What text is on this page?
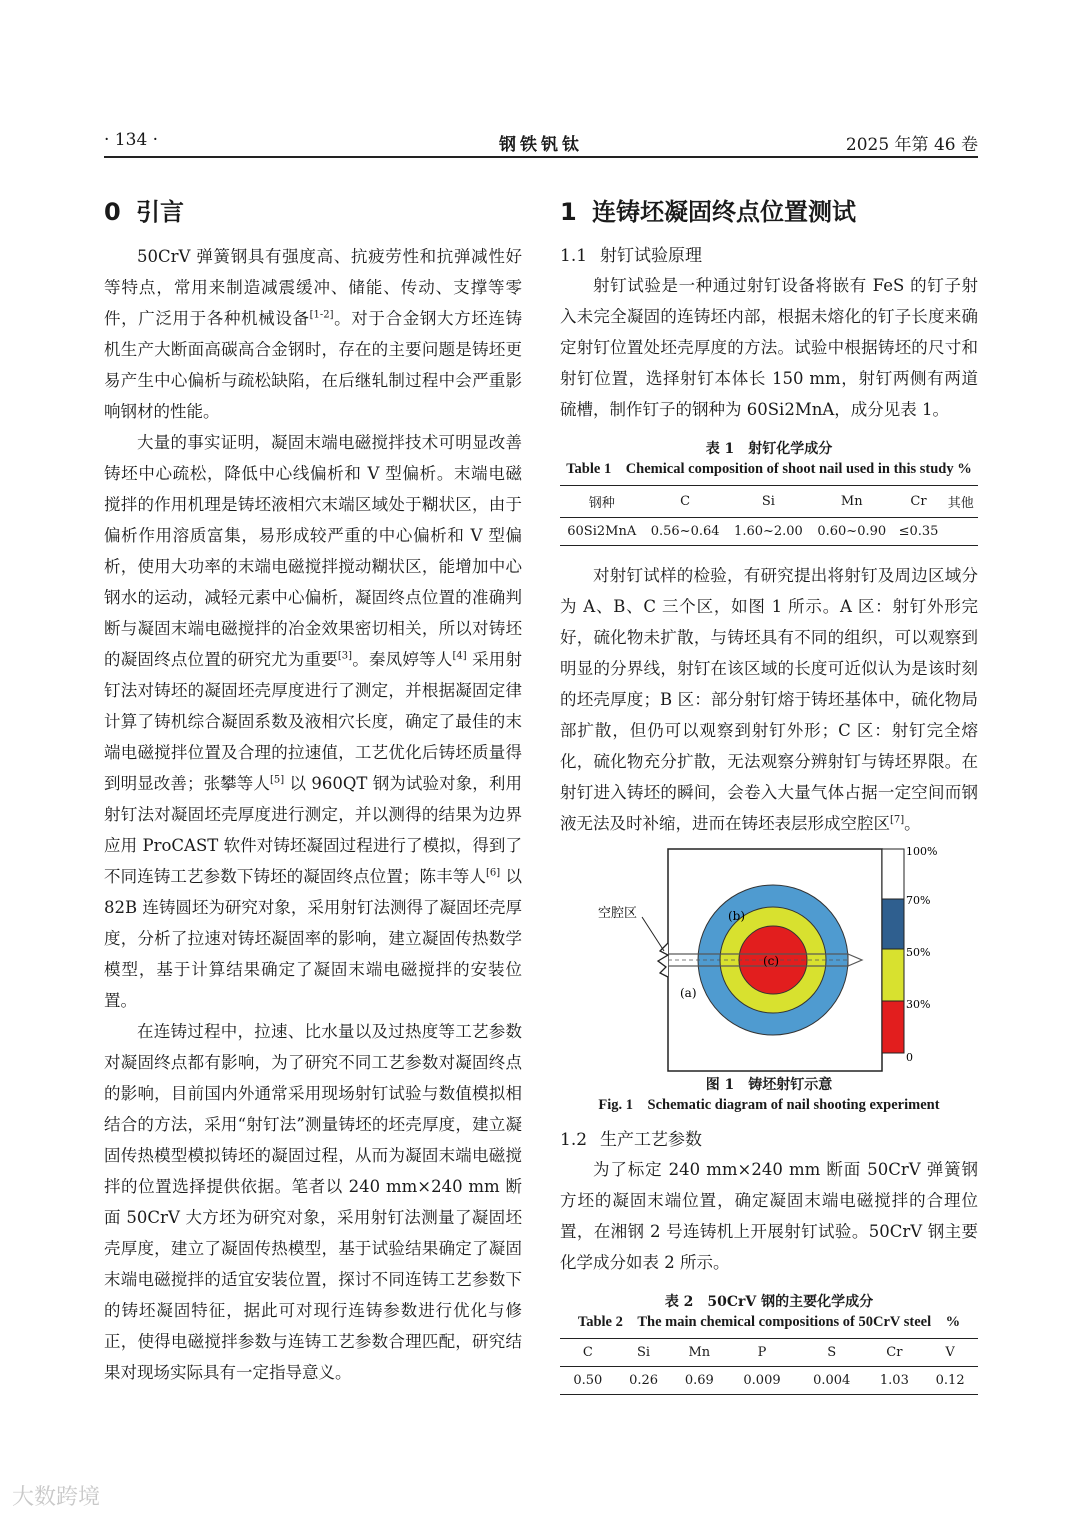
· 134 ·	钢铁钒钛	2025 年第 46 卷
0 引言

50CrV 弹簧钢具有强度高、抗疲劳性和抗弹减性好等特点，常用来制造减震缓冲、储能、传动、支撑等零件，广泛用于各种机械设备[1-2]。对于合金钢大方坯连铸机生产大断面高碳高合金钢时，存在的主要问题是铸坯更易产生中心偏析与疏松缺陷，在后继轧制过程中会严重影响钢材的性能。

大量的事实证明，凝固末端电磁搅拌技术可明显改善铸坯中心疏松，降低中心线偏析和 V 型偏析。末端电磁搅拌的作用机理是铸坯液相穴末端区域处于糊状区，由于偏析作用溶质富集，易形成较严重的中心偏析和 V 型偏析，使用大功率的末端电磁搅拌搅动糊状区，能增加中心钢水的运动，减轻元素中心偏析，凝固终点位置的准确判断与凝固末端电磁搅拌的冶金效果密切相关，所以对铸坯的凝固终点位置的研究尤为重要[3]。秦凤婷等人[4] 采用射钉法对铸坯的凝固坯壳厚度进行了测定，并根据凝固定律计算了铸机综合凝固系数及液相穴长度，确定了最佳的末端电磁搅拌位置及合理的拉速值，工艺优化后铸坯质量得到明显改善；张攀等人[5] 以 960QT 钢为试验对象，利用射钉法对凝固坯壳厚度进行测定，并以测得的结果为边界应用 ProCAST 软件对铸坯凝固过程进行了模拟，得到了不同连铸工艺参数下铸坯的凝固终点位置；陈丰等人[6] 以 82B 连铸圆坯为研究对象，采用射钉法测得了凝固坯壳厚度，分析了拉速对铸坯凝固率的影响，建立凝固传热数学模型，基于计算结果确定了凝固末端电磁搅拌的安装位置。

在连铸过程中，拉速、比水量以及过热度等工艺参数对凝固终点都有影响，为了研究不同工艺参数对凝固终点的影响，目前国内外通常采用现场射钉试验与数值模拟相结合的方法，采用“射钉法”测量铸坯的坯壳厚度，建立凝固传热模型模拟铸坯的凝固过程，从而为凝固末端电磁搅拌的位置选择提供依据。笔者以 240 mm×240 mm 断面 50CrV 大方坯为研究对象，采用射钉法测量了凝固坯壳厚度，建立了凝固传热模型，基于试验结果确定了凝固末端电磁搅拌的适宜安装位置，探讨不同连铸工艺参数下的铸坯凝固特征，据此可对现行连铸参数进行优化与修正，使得电磁搅拌参数与连铸工艺参数合理匹配，研究结果对现场实际具有一定指导意义。

1 连铸坯凝固终点位置测试
1.1 射钉试验原理

射钉试验是一种通过射钉设备将嵌有 FeS 的钉子射入未完全凝固的连铸坯内部，根据未熔化的钉子长度来确定射钉位置处坯壳厚度的方法。试验中根据铸坯的尺寸和射钉位置，选择射钉本体长 150 mm，射钉两侧有两道硫槽，制作钉子的钢种为 60Si2MnA，成分见表 1。

表 1　射钉化学成分
Table 1　Chemical composition of shoot nail used in this study %
钢种	C	Si	Mn	Cr	其他
60Si2MnA	0.56~0.64	1.60~2.00	0.60~0.90	≤0.35	

对射钉试样的检验，有研究提出将射钉及周边区域分为 A、B、C 三个区，如图 1 所示。A 区：射钉外形完好，硫化物未扩散，与铸坯具有不同的组织，可以观察到明显的分界线，射钉在该区域的长度可近似认为是该时刻的坯壳厚度；B 区：部分射钉熔于铸坯基体中，硫化物局部扩散，但仍可以观察到射钉外形；C 区：射钉完全熔化，硫化物充分扩散，无法观察分辨射钉与铸坯界限。在射钉进入铸坯的瞬间，会卷入大量气体占据一定空间而钢液无法及时补缩，进而在铸坯表层形成空腔区[7]。

空腔区
(a)
(b)
(c)
100%
70%
50%
30%
0
图 1　铸坯射钉示意
Fig. 1　Schematic diagram of nail shooting experiment
1.2 生产工艺参数

为了标定 240 mm×240 mm 断面 50CrV 弹簧钢方坯的凝固末端位置，确定凝固末端电磁搅拌的合理位置，在湘钢 2 号连铸机上开展射钉试验。50CrV 钢主要化学成分如表 2 所示。

表 2　50CrV 钢的主要化学成分
Table 2　The main chemical compositions of 50CrV steel　%
C	Si	Mn	P	S	Cr	V
0.50	0.26	0.69	0.009	0.004	1.03	0.12
大数跨境
